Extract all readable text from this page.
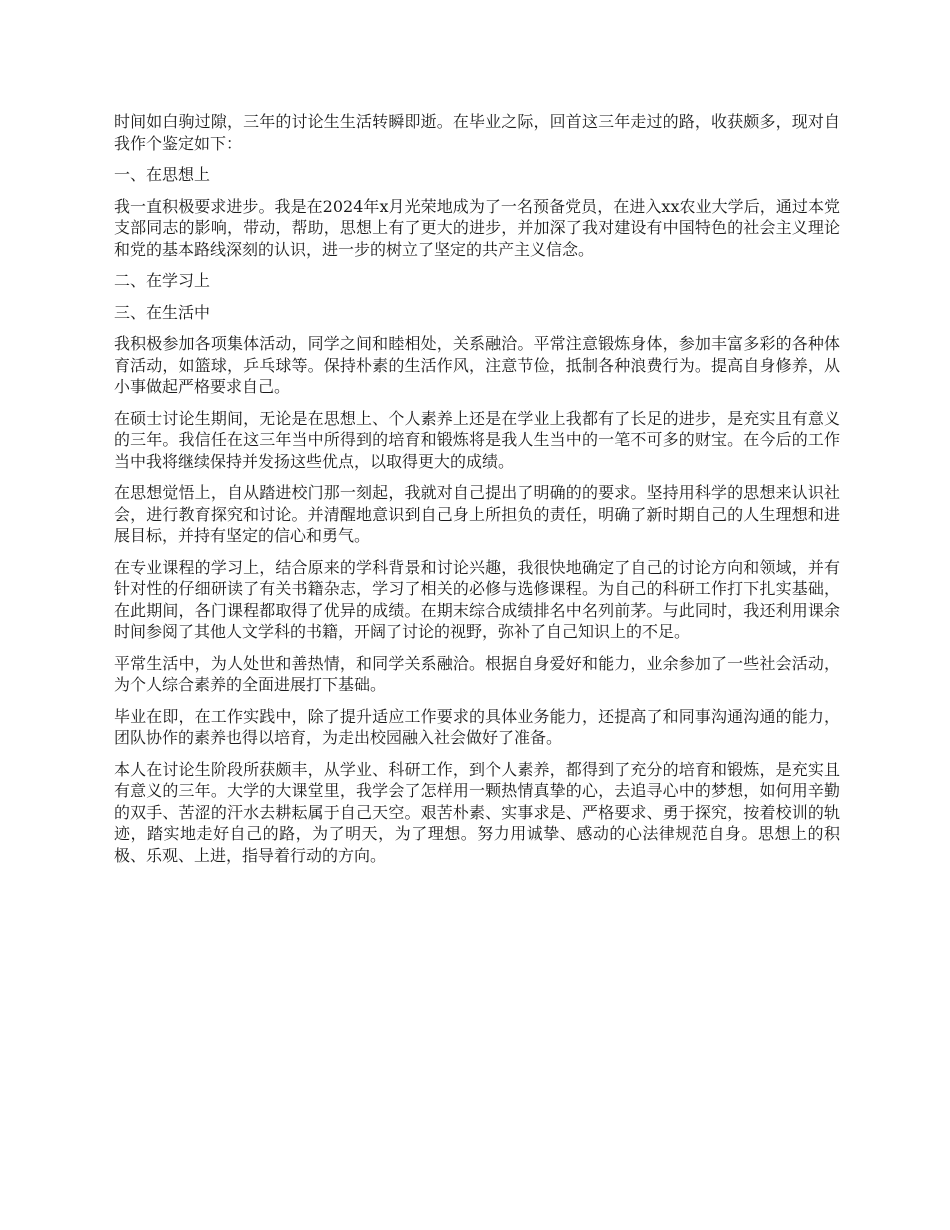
时间如白驹过隙，三年的讨论生生活转瞬即逝。在毕业之际，回首这三年走过的路，收获颇多，现对自我作个鉴定如下：

一、在思想上

我一直积极要求进步。我是在2024年x月光荣地成为了一名预备党员，在进入xx农业大学后，通过本党支部同志的影响，带动，帮助，思想上有了更大的进步，并加深了我对建设有中国特色的社会主义理论和党的基本路线深刻的认识，进一步的树立了坚定的共产主义信念。

二、在学习上

三、在生活中

我积极参加各项集体活动，同学之间和睦相处，关系融洽。平常注意锻炼身体，参加丰富多彩的各种体育活动，如篮球，乒乓球等。保持朴素的生活作风，注意节俭，抵制各种浪费行为。提高自身修养，从小事做起严格要求自己。

在硕士讨论生期间，无论是在思想上、个人素养上还是在学业上我都有了长足的进步，是充实且有意义的三年。我信任在这三年当中所得到的培育和锻炼将是我人生当中的一笔不可多的财宝。在今后的工作当中我将继续保持并发扬这些优点，以取得更大的成绩。

在思想觉悟上，自从踏进校门那一刻起，我就对自己提出了明确的的要求。坚持用科学的思想来认识社会，进行教育探究和讨论。并清醒地意识到自己身上所担负的责任，明确了新时期自己的人生理想和进展目标，并持有坚定的信心和勇气。

在专业课程的学习上，结合原来的学科背景和讨论兴趣，我很快地确定了自己的讨论方向和领域，并有针对性的仔细研读了有关书籍杂志，学习了相关的必修与选修课程。为自己的科研工作打下扎实基础，在此期间，各门课程都取得了优异的成绩。在期末综合成绩排名中名列前茅。与此同时，我还利用课余时间参阅了其他人文学科的书籍，开阔了讨论的视野，弥补了自己知识上的不足。

平常生活中，为人处世和善热情，和同学关系融洽。根据自身爱好和能力，业余参加了一些社会活动，为个人综合素养的全面进展打下基础。

毕业在即，在工作实践中，除了提升适应工作要求的具体业务能力，还提高了和同事沟通沟通的能力，团队协作的素养也得以培育，为走出校园融入社会做好了准备。

本人在讨论生阶段所获颇丰，从学业、科研工作，到个人素养，都得到了充分的培育和锻炼，是充实且有意义的三年。大学的大课堂里，我学会了怎样用一颗热情真挚的心，去追寻心中的梦想，如何用辛勤的双手、苦涩的汗水去耕耘属于自己天空。艰苦朴素、实事求是、严格要求、勇于探究，按着校训的轨迹，踏实地走好自己的路，为了明天，为了理想。努力用诚挚、感动的心法律规范自身。思想上的积极、乐观、上进，指导着行动的方向。
